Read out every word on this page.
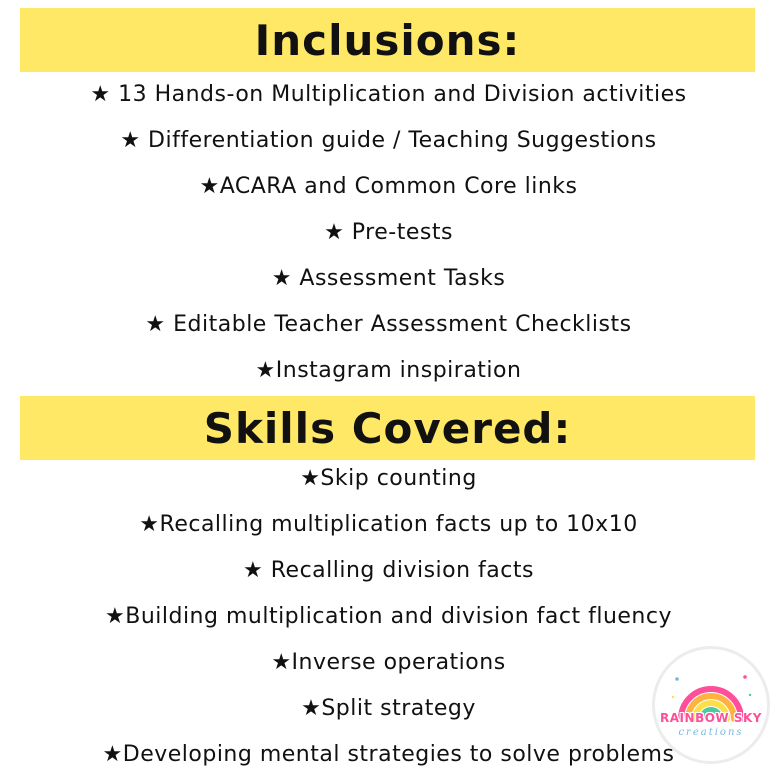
Inclusions:
★ 13 Hands-on Multiplication and Division activities
★ Differentiation guide / Teaching Suggestions
★ACARA and Common Core links
★ Pre-tests
★ Assessment Tasks
★ Editable Teacher Assessment Checklists
★Instagram inspiration
Skills Covered:
★Skip counting
★Recalling multiplication facts up to 10x10
★ Recalling division facts
★Building multiplication and division fact fluency
★Inverse operations
★Split strategy
★Developing mental strategies to solve problems
RAINBOW SKY
creations
